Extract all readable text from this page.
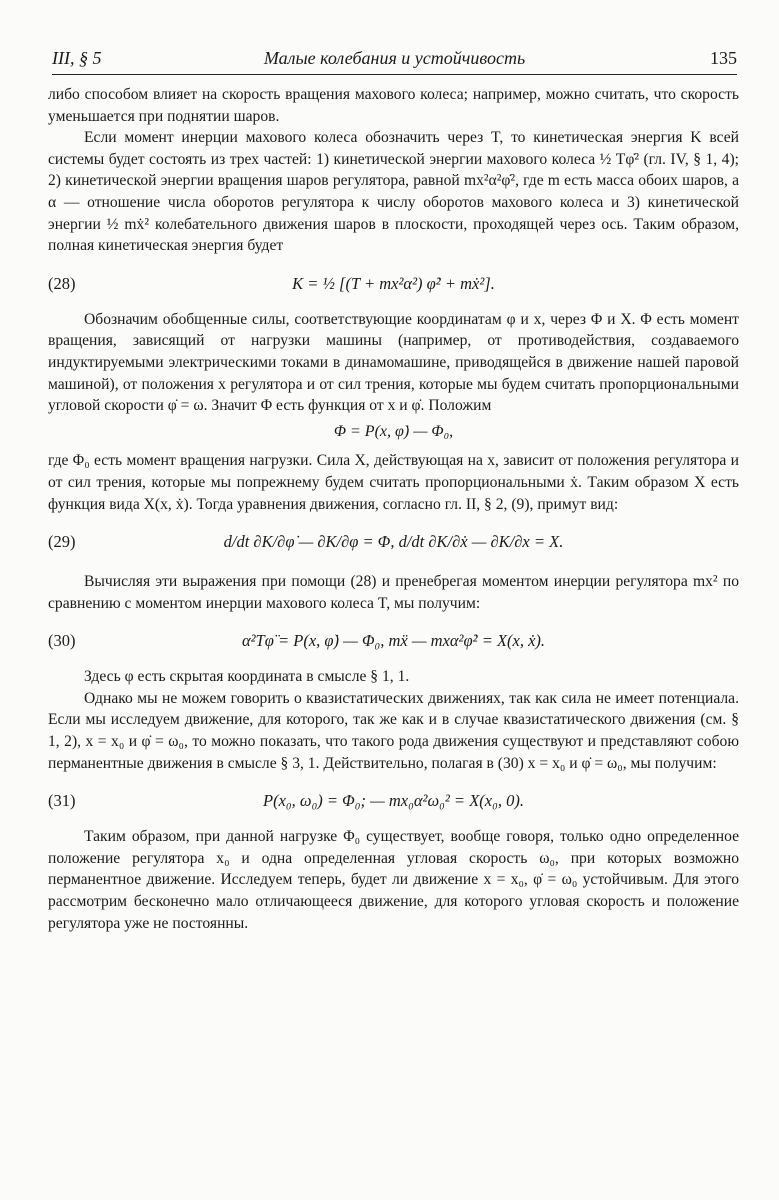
III, § 5	Малые колебания и устойчивость	135

либо способом влияет на скорость вращения махового колеса; например, можно считать, что скорость уменьшается при поднятии шаров.

Если момент инерции махового колеса обозначить через T, то кинетическая энергия K всей системы будет состоять из трех частей: 1) кинетической энергии махового колеса ½ Tφ̇² (гл. IV, § 1, 4); 2) кинетической энергии вращения шаров регулятора, равной mx²α²φ̇², где m есть масса обоих шаров, а α — отношение числа оборотов регулятора к числу оборотов махового колеса и 3) кинетической энергии ½ mẋ² колебательного движения шаров в плоскости, проходящей через ось. Таким образом, полная кинетическая энергия будет

(28)	K = ½ [(T + mx²α²) φ̇² + mẋ²].

Обозначим обобщенные силы, соответствующие координатам φ и x, через Φ и X. Φ есть момент вращения, зависящий от нагрузки машины (например, от противодействия, создаваемого индуктируемыми электрическими токами в динамомашине, приводящейся в движение нашей паровой машиной), от положения x регулятора и от сил трения, которые мы будем считать пропорциональными угловой скорости φ̇ = ω. Значит Φ есть функция от x и φ̇. Положим

Φ = P(x, φ̇) — Φ₀,

где Φ₀ есть момент вращения нагрузки. Сила X, действующая на x, зависит от положения регулятора и от сил трения, которые мы попрежнему будем считать пропорциональными ẋ. Таким образом X есть функция вида X(x, ẋ). Тогда уравнения движения, согласно гл. II, § 2, (9), примут вид:

(29)	d/dt ∂K/∂φ̇ — ∂K/∂φ = Φ, d/dt ∂K/∂ẋ — ∂K/∂x = X.

Вычисляя эти выражения при помощи (28) и пренебрегая моментом инерции регулятора mx² по сравнению с моментом инерции махового колеса T, мы получим:

(30)	α²Tφ̈ = P(x, φ̇) — Φ₀, mẍ — mxα²φ̇² = X(x, ẋ).

Здесь φ есть скрытая координата в смысле § 1, 1.

Однако мы не можем говорить о квазистатических движениях, так как сила не имеет потенциала. Если мы исследуем движение, для которого, так же как и в случае квазистатического движения (см. § 1, 2), x = x₀ и φ̇ = ω₀, то можно показать, что такого рода движения существуют и представляют собою перманентные движения в смысле § 3, 1. Действительно, полагая в (30) x = x₀ и φ̇ = ω₀, мы получим:

(31)	P(x₀, ω₀) = Φ₀; — mx₀α²ω₀² = X(x₀, 0).

Таким образом, при данной нагрузке Φ₀ существует, вообще говоря, только одно определенное положение регулятора x₀ и одна определенная угловая скорость ω₀, при которых возможно перманентное движение. Исследуем теперь, будет ли движение x = x₀, φ̇ = ω₀ устойчивым. Для этого рассмотрим бесконечно мало отличающееся движение, для которого угловая скорость и положение регулятора уже не постоянны.
